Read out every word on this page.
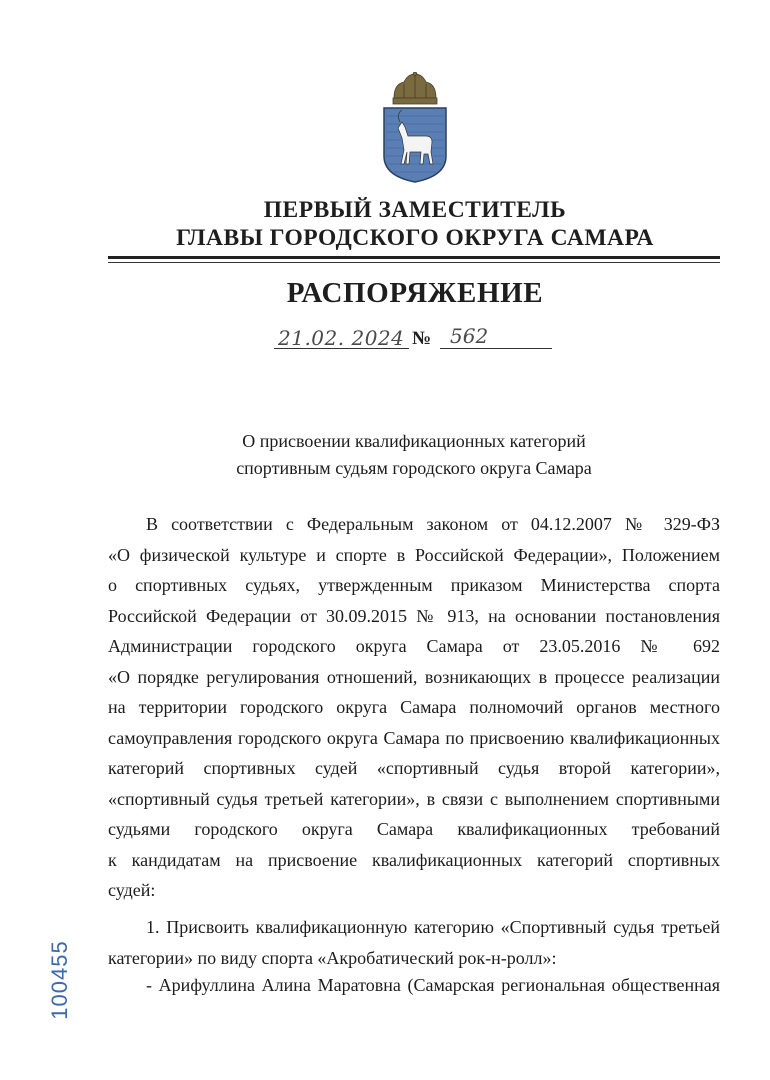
ПЕРВЫЙ ЗАМЕСТИТЕЛЬ
ГЛАВЫ ГОРОДСКОГО ОКРУГА САМАРА
РАСПОРЯЖЕНИЕ
21.02. 2024 № 562
О присвоении квалификационных категорий
спортивным судьям городского округа Самара
В соответствии с Федеральным законом от 04.12.2007 № 329-ФЗ
«О физической культуре и спорте в Российской Федерации», Положением
о спортивных судьях, утвержденным приказом Министерства спорта
Российской Федерации от 30.09.2015 № 913, на основании постановления
Администрации городского округа Самара от 23.05.2016 № 692
«О порядке регулирования отношений, возникающих в процессе реализации
на территории городского округа Самара полномочий органов местного
самоуправления городского округа Самара по присвоению квалификационных
категорий спортивных судей «спортивный судья второй категории»,
«спортивный судья третьей категории», в связи с выполнением спортивными
судьями городского округа Самара квалификационных требований
к кандидатам на присвоение квалификационных категорий спортивных
судей:
1. Присвоить квалификационную категорию «Спортивный судья третьей
категории» по виду спорта «Акробатический рок-н-ролл»:
- Арифуллина Алина Маратовна (Самарская региональная общественная
100455
